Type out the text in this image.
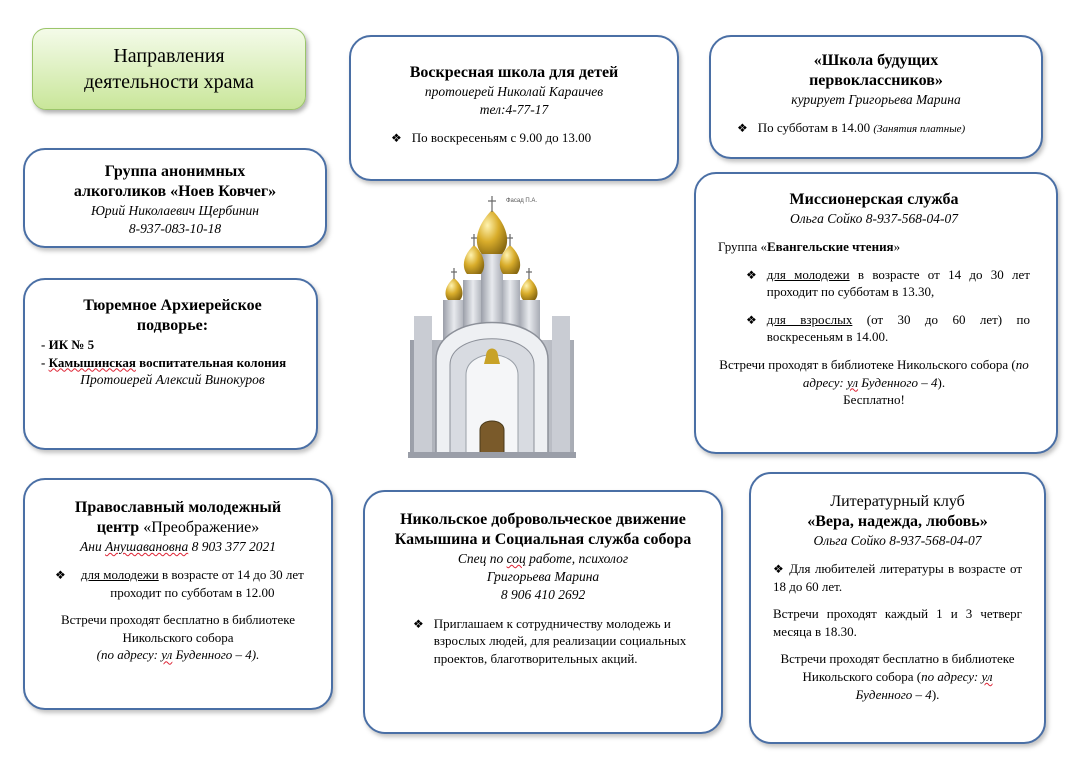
Направления
деятельности храма	Воскресная школа для детей
протоиерей Николай Караичев
тел:4-77-17
❖ По воскресеньям с 9.00 до 13.00
«Школа будущих
первоклассников»
курирует Григорьева Марина
❖ По субботам в 14.00 (Занятия платные)
Группа анонимных
алкоголиков «Ноев Ковчег»
Юрий Николаевич Щербинин
8-937-083-10-18
Тюремное Архиерейское
подворье:
- ИК № 5
- Камышинская воспитательная колония
Протоиерей Алексий Винокуров
Фасад П.А.	Миссионерская служба
Ольга Сойко 8-937-568-04-07
Группа «Евангельские чтения»
❖ для молодежи в возрасте от 14 до 30 лет проходит по субботам в 13.30,
❖ для взрослых (от 30 до 60 лет) по воскресеньям в 14.00.
Встречи проходят в библиотеке Никольского собора (по адресу: ул Буденного – 4).
Бесплатно!
Православный молодежный
центр «Преображение»
Ани Анушавановна 8 903 377 2021
❖	для молодежи в возрасте от 14 до 30 лет проходит по субботам в 12.00
Встречи проходят бесплатно в библиотеке Никольского собора
(по адресу: ул Буденного – 4).
Никольское добровольческое движение Камышина и Социальная служба собора
Спец по соц работе, психолог
Григорьева Марина
8 906 410 2692
❖ Приглашаем к сотрудничеству молодежь и взрослых людей, для реализации социальных проектов, благотворительных акций.
Литературный клуб
«Вера, надежда, любовь»
Ольга Сойко 8-937-568-04-07
❖ Для любителей литературы в возрасте от 18 до 60 лет.
Встречи проходят каждый 1 и 3 четверг месяца в 18.30.
Встречи проходят бесплатно в библиотеке Никольского собора (по адресу: ул Буденного – 4).
